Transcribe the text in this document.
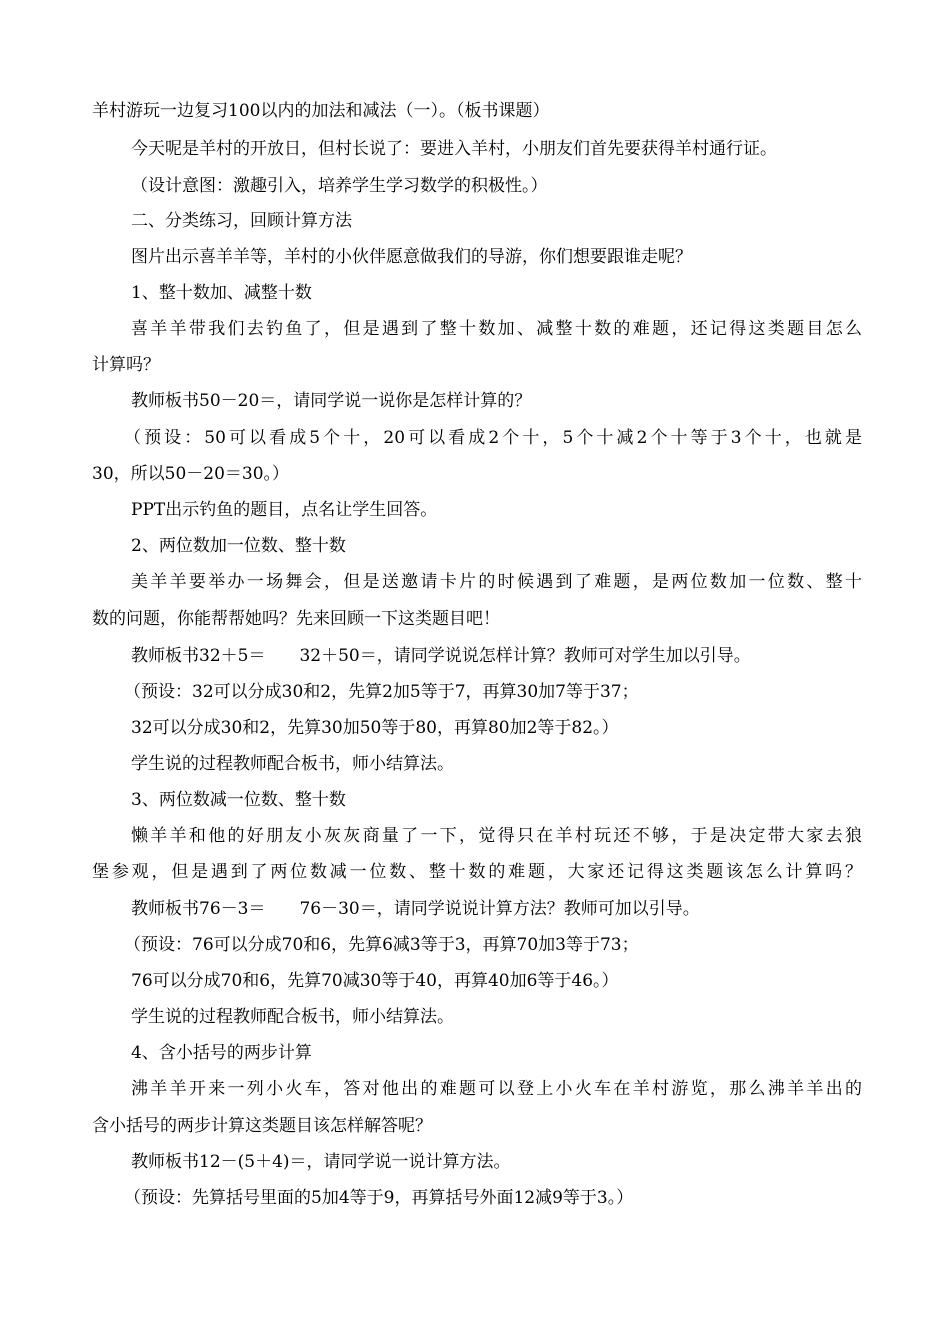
羊村游玩一边复习100以内的加法和减法（一）。（板书课题）
今天呢是羊村的开放日，但村长说了：要进入羊村，小朋友们首先要获得羊村通行证。
（设计意图：激趣引入，培养学生学习数学的积极性。）
二、分类练习，回顾计算方法
图片出示喜羊羊等，羊村的小伙伴愿意做我们的导游，你们想要跟谁走呢？
1、整十数加、减整十数
喜羊羊带我们去钓鱼了，但是遇到了整十数加、减整十数的难题，还记得这类题目怎么
计算吗？
教师板书50－20＝，请同学说一说你是怎样计算的？
（预设：50可以看成5个十，20可以看成2个十，5个十减2个十等于3个十，也就是
30，所以50－20＝30。）
PPT出示钓鱼的题目，点名让学生回答。
2、两位数加一位数、整十数
美羊羊要举办一场舞会，但是送邀请卡片的时候遇到了难题，是两位数加一位数、整十
数的问题，你能帮帮她吗？先来回顾一下这类题目吧！
教师板书32＋5＝　　32＋50＝，请同学说说怎样计算？教师可对学生加以引导。
（预设：32可以分成30和2，先算2加5等于7，再算30加7等于37；
32可以分成30和2，先算30加50等于80，再算80加2等于82。）
学生说的过程教师配合板书，师小结算法。
3、两位数减一位数、整十数
懒羊羊和他的好朋友小灰灰商量了一下，觉得只在羊村玩还不够，于是决定带大家去狼
堡参观，但是遇到了两位数减一位数、整十数的难题，大家还记得这类题该怎么计算吗？
教师板书76－3＝　　76－30＝，请同学说说计算方法？教师可加以引导。
（预设：76可以分成70和6，先算6减3等于3，再算70加3等于73；
76可以分成70和6，先算70减30等于40，再算40加6等于46。）
学生说的过程教师配合板书，师小结算法。
4、含小括号的两步计算
沸羊羊开来一列小火车，答对他出的难题可以登上小火车在羊村游览，那么沸羊羊出的
含小括号的两步计算这类题目该怎样解答呢？
教师板书12－(5＋4)＝，请同学说一说计算方法。
（预设：先算括号里面的5加4等于9，再算括号外面12减9等于3。）
